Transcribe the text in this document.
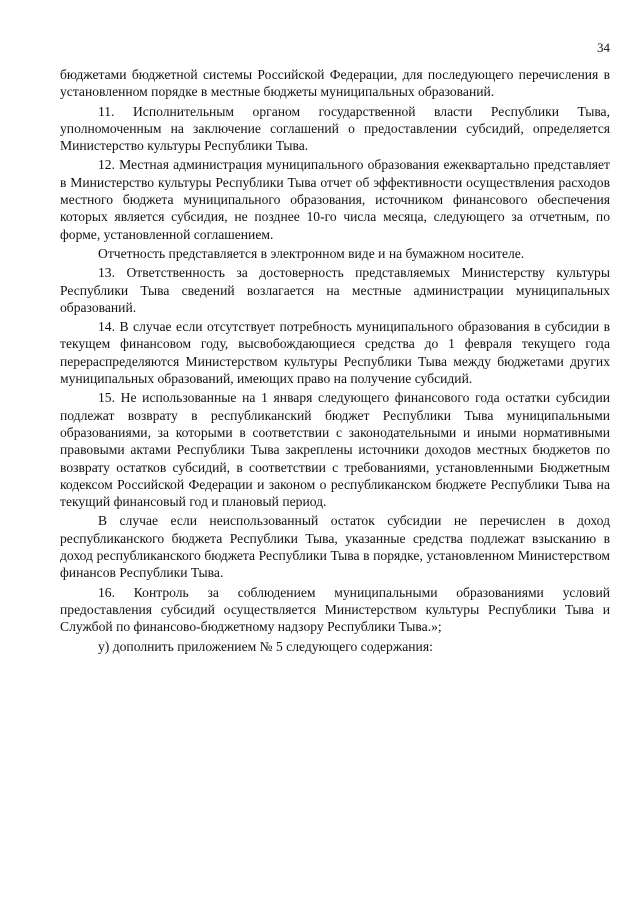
34

бюджетами бюджетной системы Российской Федерации, для последующего перечисления в установленном порядке в местные бюджеты муниципальных образований.

11. Исполнительным органом государственной власти Республики Тыва, уполномоченным на заключение соглашений о предоставлении субсидий, определяется Министерство культуры Республики Тыва.

12. Местная администрация муниципального образования ежеквартально представляет в Министерство культуры Республики Тыва отчет об эффективности осуществления расходов местного бюджета муниципального образования, источником финансового обеспечения которых является субсидия, не позднее 10-го числа месяца, следующего за отчетным, по форме, установленной соглашением.

Отчетность представляется в электронном виде и на бумажном носителе.

13. Ответственность за достоверность представляемых Министерству культуры Республики Тыва сведений возлагается на местные администрации муниципальных образований.

14. В случае если отсутствует потребность муниципального образования в субсидии в текущем финансовом году, высвобождающиеся средства до 1 февраля текущего года перераспределяются Министерством культуры Республики Тыва между бюджетами других муниципальных образований, имеющих право на получение субсидий.

15. Не использованные на 1 января следующего финансового года остатки субсидии подлежат возврату в республиканский бюджет Республики Тыва муниципальными образованиями, за которыми в соответствии с законодательными и иными нормативными правовыми актами Республики Тыва закреплены источники доходов местных бюджетов по возврату остатков субсидий, в соответствии с требованиями, установленными Бюджетным кодексом Российской Федерации и законом о республиканском бюджете Республики Тыва на текущий финансовый год и плановый период.

В случае если неиспользованный остаток субсидии не перечислен в доход республиканского бюджета Республики Тыва, указанные средства подлежат взысканию в доход республиканского бюджета Республики Тыва в порядке, установленном Министерством финансов Республики Тыва.

16. Контроль за соблюдением муниципальными образованиями условий предоставления субсидий осуществляется Министерством культуры Республики Тыва и Службой по финансово-бюджетному надзору Республики Тыва.»;

у) дополнить приложением № 5 следующего содержания:
